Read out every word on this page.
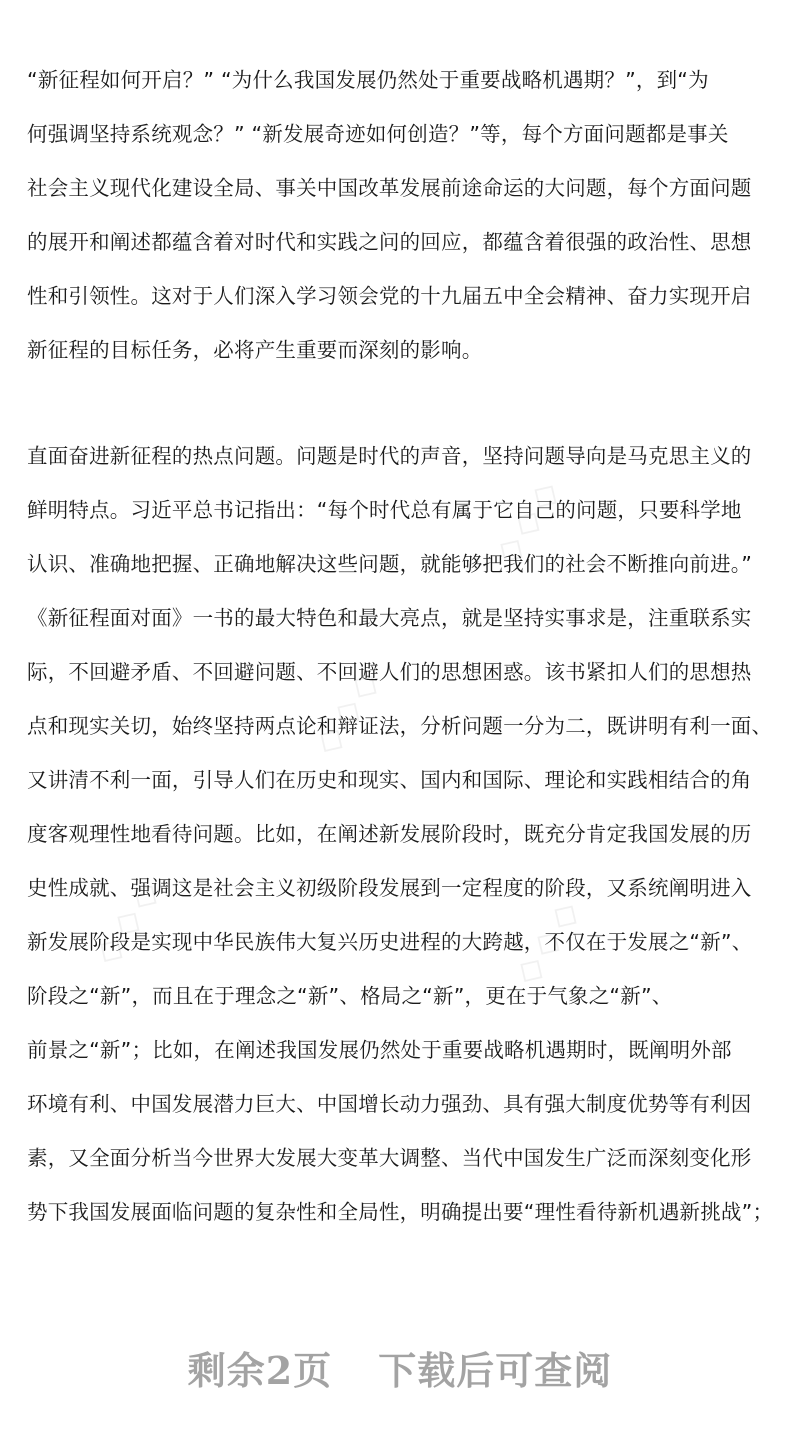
◇◇◇
◇◇◇
◇◇◇	◇◇◇
“新征程如何开启？” “为什么我国发展仍然处于重要战略机遇期？”，到“为
何强调坚持系统观念？” “新发展奇迹如何创造？”等，每个方面问题都是事关
社会主义现代化建设全局、事关中国改革发展前途命运的大问题，每个方面问题
的展开和阐述都蕴含着对时代和实践之问的回应，都蕴含着很强的政治性、思想
性和引领性。这对于人们深入学习领会党的十九届五中全会精神、奋力实现开启
新征程的目标任务，必将产生重要而深刻的影响。
直面奋进新征程的热点问题。问题是时代的声音，坚持问题导向是马克思主义的
鲜明特点。习近平总书记指出：“每个时代总有属于它自己的问题，只要科学地
认识、准确地把握、正确地解决这些问题，就能够把我们的社会不断推向前进。”
《新征程面对面》一书的最大特色和最大亮点，就是坚持实事求是，注重联系实
际，不回避矛盾、不回避问题、不回避人们的思想困惑。该书紧扣人们的思想热
点和现实关切，始终坚持两点论和辩证法，分析问题一分为二，既讲明有利一面、
又讲清不利一面，引导人们在历史和现实、国内和国际、理论和实践相结合的角
度客观理性地看待问题。比如，在阐述新发展阶段时，既充分肯定我国发展的历
史性成就、强调这是社会主义初级阶段发展到一定程度的阶段，又系统阐明进入
新发展阶段是实现中华民族伟大复兴历史进程的大跨越，不仅在于发展之“新”、
阶段之“新”，而且在于理念之“新”、格局之“新”，更在于气象之“新”、
前景之“新”；比如，在阐述我国发展仍然处于重要战略机遇期时，既阐明外部
环境有利、中国发展潜力巨大、中国增长动力强劲、具有强大制度优势等有利因
素，又全面分析当今世界大发展大变革大调整、当代中国发生广泛而深刻变化形
势下我国发展面临问题的复杂性和全局性，明确提出要“理性看待新机遇新挑战”；
剩余2页 下载后可查阅
